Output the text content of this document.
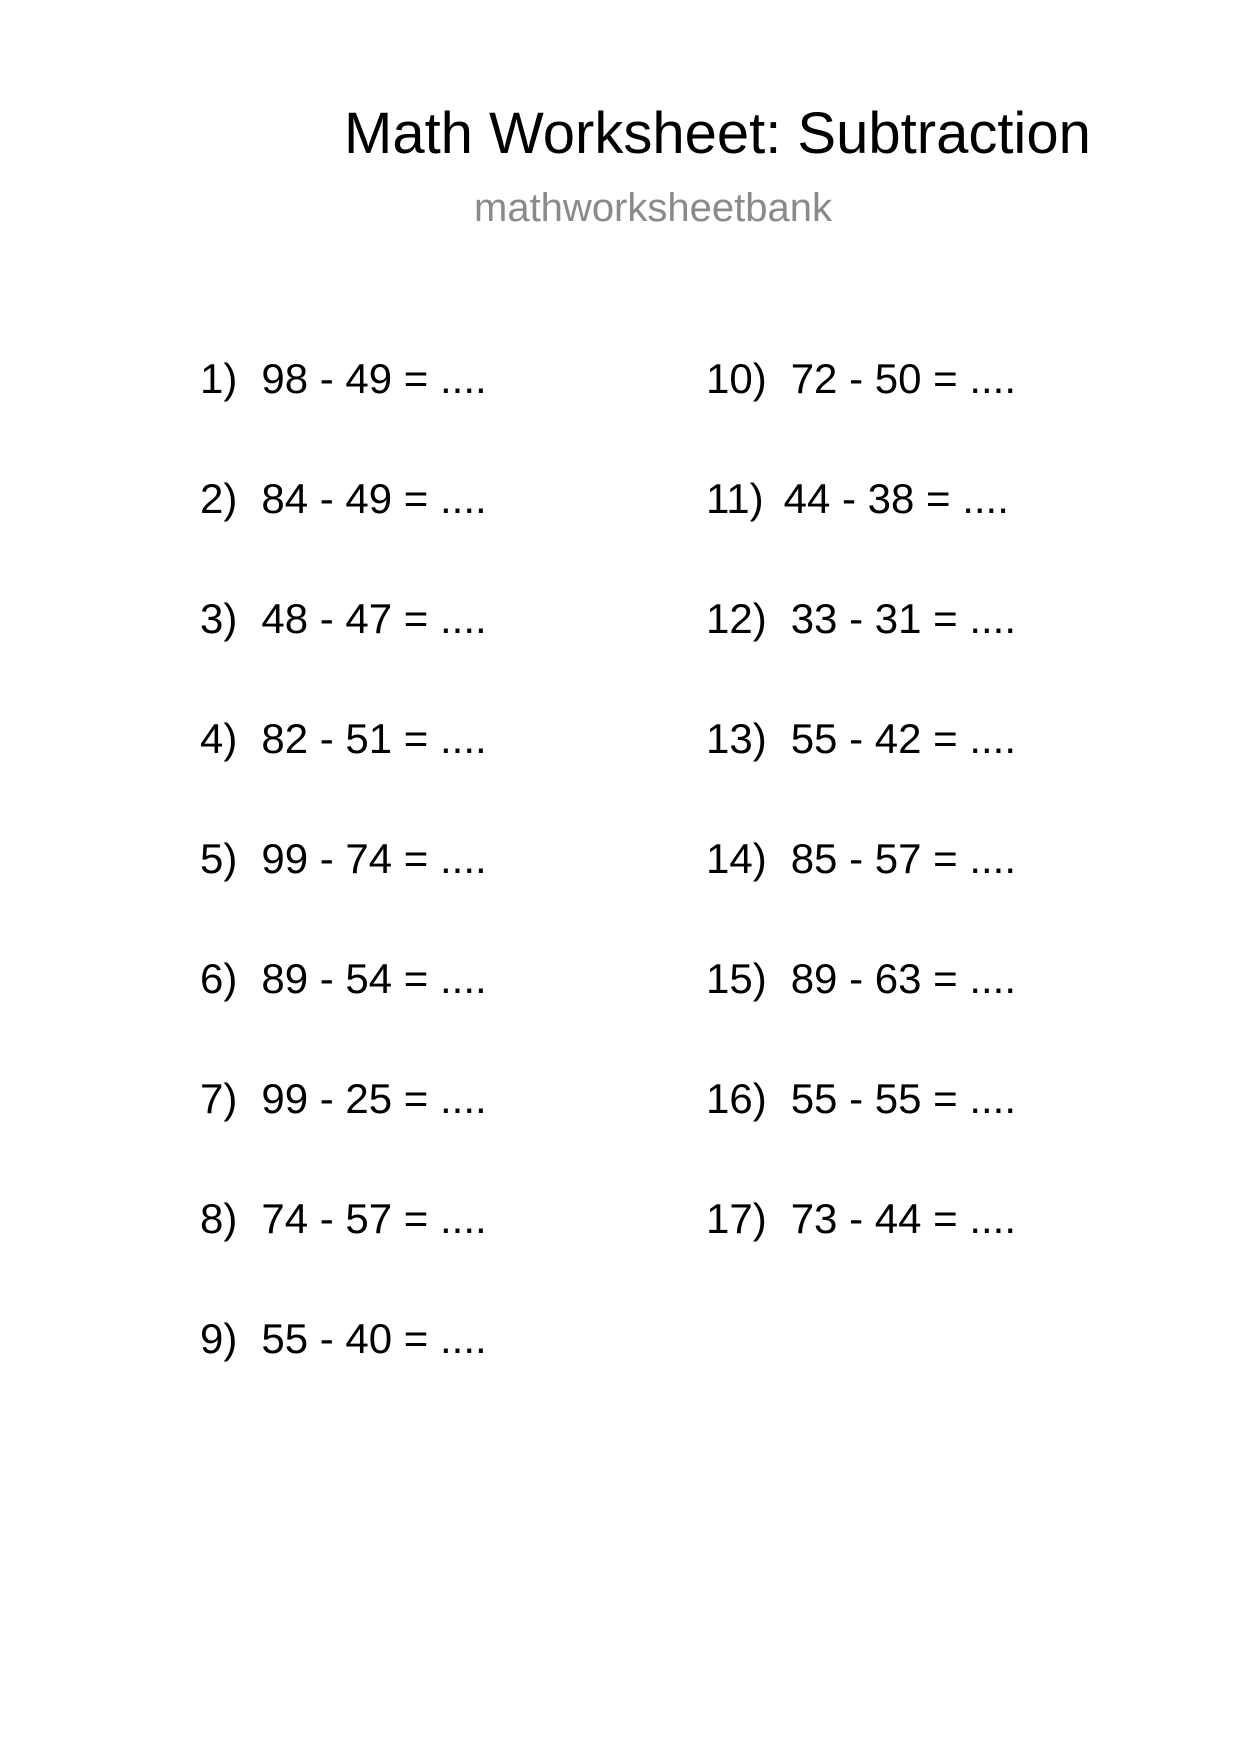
Math Worksheet: Subtraction
mathworksheetbank
1) 98 - 49 = ....
2) 84 - 49 = ....
3) 48 - 47 = ....
4) 82 - 51 = ....
5) 99 - 74 = ....
6) 89 - 54 = ....
7) 99 - 25 = ....
8) 74 - 57 = ....
9) 55 - 40 = ....
10) 72 - 50 = ....
11) 44 - 38 = ....
12) 33 - 31 = ....
13) 55 - 42 = ....
14) 85 - 57 = ....
15) 89 - 63 = ....
16) 55 - 55 = ....
17) 73 - 44 = ....
